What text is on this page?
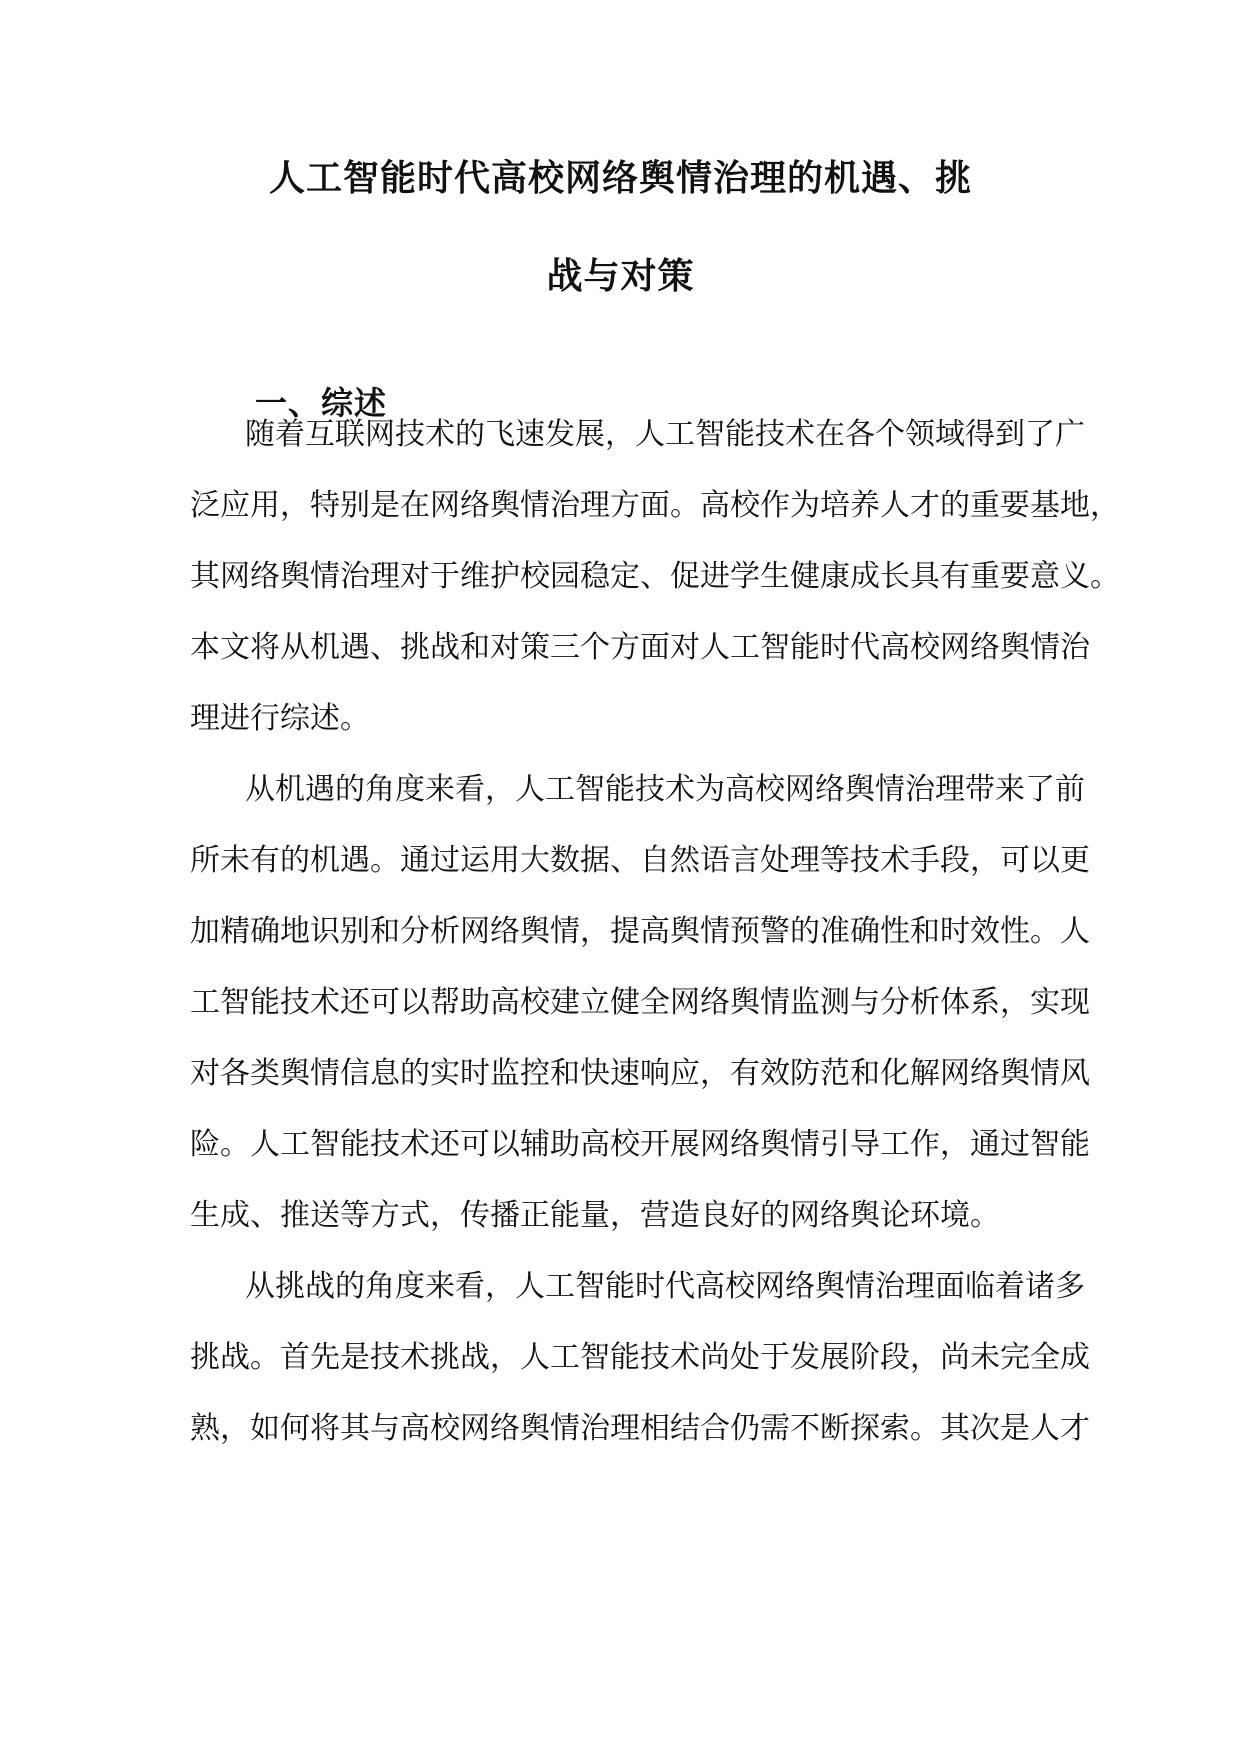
人工智能时代高校网络舆情治理的机遇、挑
战与对策
一、综述
随着互联网技术的飞速发展，人工智能技术在各个领域得到了广
泛应用，特别是在网络舆情治理方面。高校作为培养人才的重要基地，
其网络舆情治理对于维护校园稳定、促进学生健康成长具有重要意义。
本文将从机遇、挑战和对策三个方面对人工智能时代高校网络舆情治
理进行综述。
从机遇的角度来看，人工智能技术为高校网络舆情治理带来了前
所未有的机遇。通过运用大数据、自然语言处理等技术手段，可以更
加精确地识别和分析网络舆情，提高舆情预警的准确性和时效性。人
工智能技术还可以帮助高校建立健全网络舆情监测与分析体系，实现
对各类舆情信息的实时监控和快速响应，有效防范和化解网络舆情风
险。人工智能技术还可以辅助高校开展网络舆情引导工作，通过智能
生成、推送等方式，传播正能量，营造良好的网络舆论环境。
从挑战的角度来看，人工智能时代高校网络舆情治理面临着诸多
挑战。首先是技术挑战，人工智能技术尚处于发展阶段，尚未完全成
熟，如何将其与高校网络舆情治理相结合仍需不断探索。其次是人才
